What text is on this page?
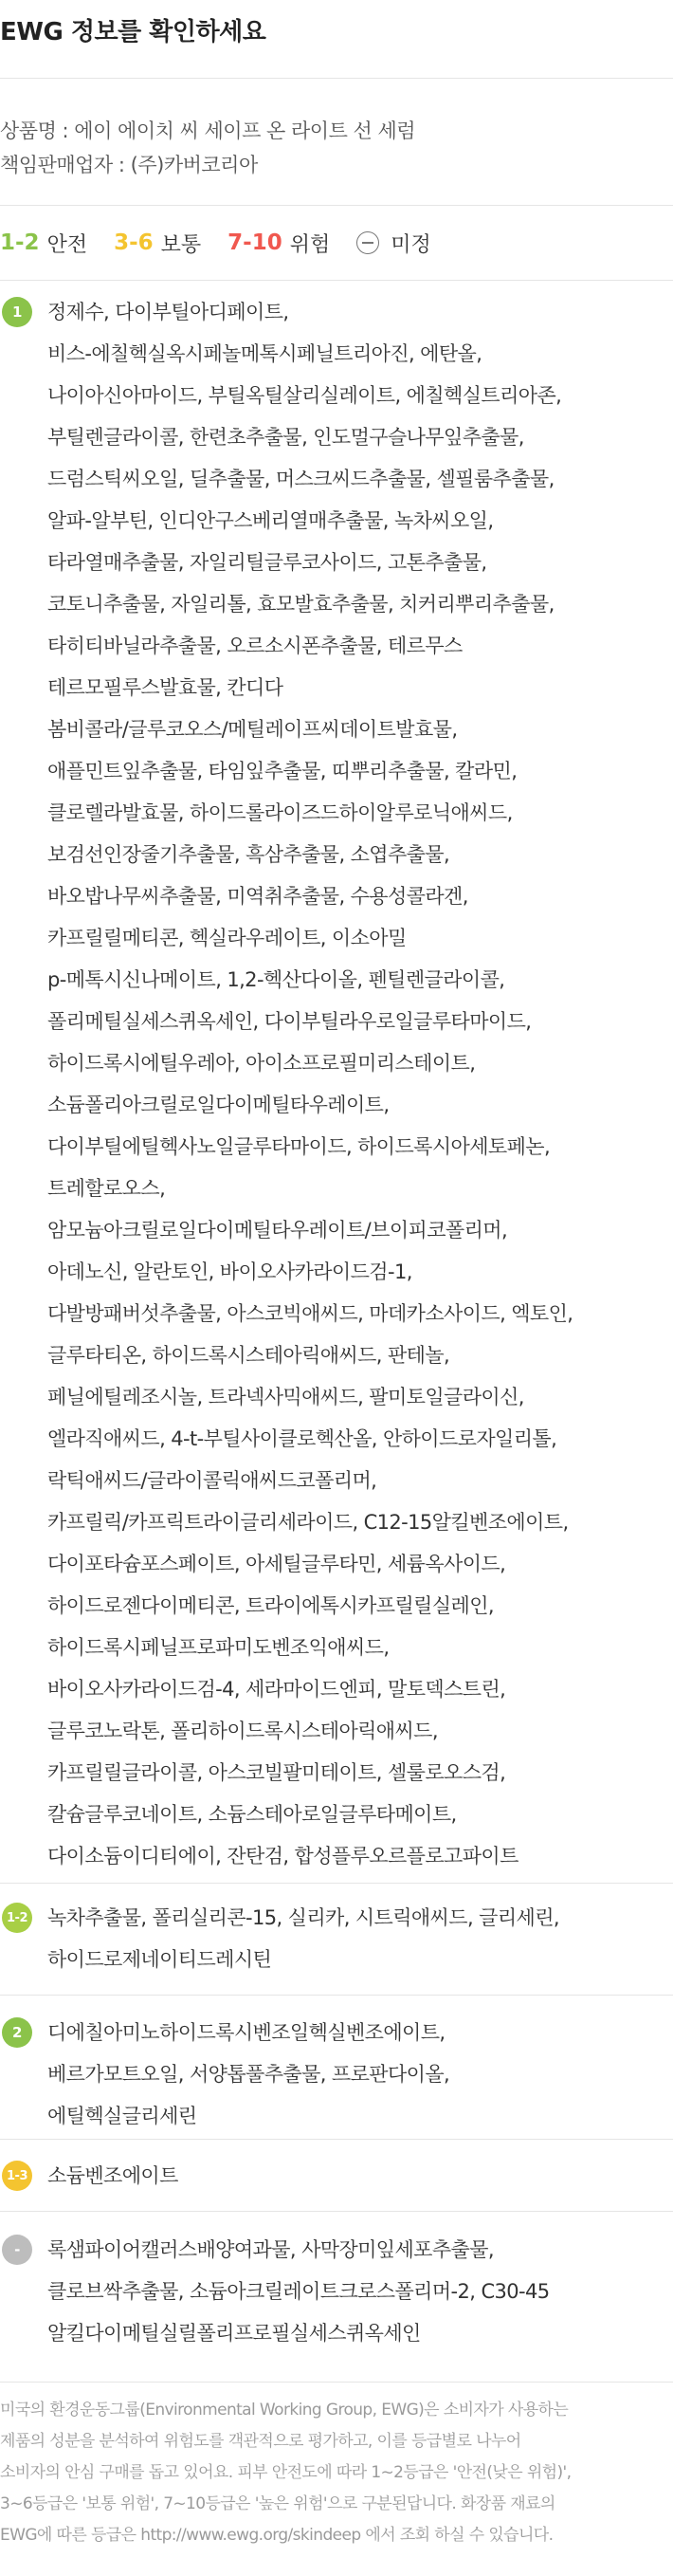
EWG 정보를 확인하세요
상품명 : 에이 에이치 씨 세이프 온 라이트 선 세럼
책임판매업자 : (주)카버코리아
1-2 안전 3-6 보통 7-10 위험	미정
1	정제수, 다이부틸아디페이트,
비스-에칠헥실옥시페놀메톡시페닐트리아진, 에탄올,
나이아신아마이드, 부틸옥틸살리실레이트, 에칠헥실트리아존,
부틸렌글라이콜, 한련초추출물, 인도멀구슬나무잎추출물,
드럼스틱씨오일, 딜추출물, 머스크씨드추출물, 셀필룸추출물,
알파-알부틴, 인디안구스베리열매추출물, 녹차씨오일,
타라열매추출물, 자일리틸글루코사이드, 고톤추출물,
코토니추출물, 자일리톨, 효모발효추출물, 치커리뿌리추출물,
타히티바닐라추출물, 오르소시폰추출물, 테르무스
테르모필루스발효물, 칸디다
봄비콜라/글루코오스/메틸레이프씨데이트발효물,
애플민트잎추출물, 타임잎추출물, 띠뿌리추출물, 칼라민,
클로렐라발효물, 하이드롤라이즈드하이알루로닉애씨드,
보검선인장줄기추출물, 흑삼추출물, 소엽추출물,
바오밥나무씨추출물, 미역취추출물, 수용성콜라겐,
카프릴릴메티콘, 헥실라우레이트, 이소아밀
p-메톡시신나메이트, 1,2-헥산다이올, 펜틸렌글라이콜,
폴리메틸실세스퀴옥세인, 다이부틸라우로일글루타마이드,
하이드록시에틸우레아, 아이소프로필미리스테이트,
소듐폴리아크릴로일다이메틸타우레이트,
다이부틸에틸헥사노일글루타마이드, 하이드록시아세토페논,
트레할로오스,
암모늄아크릴로일다이메틸타우레이트/브이피코폴리머,
아데노신, 알란토인, 바이오사카라이드검-1,
다발방패버섯추출물, 아스코빅애씨드, 마데카소사이드, 엑토인,
글루타티온, 하이드록시스테아릭애씨드, 판테놀,
페닐에틸레조시놀, 트라넥사믹애씨드, 팔미토일글라이신,
엘라직애씨드, 4-t-부틸사이클로헥산올, 안하이드로자일리톨,
락틱애씨드/글라이콜릭애씨드코폴리머,
카프릴릭/카프릭트라이글리세라이드, C12-15알킬벤조에이트,
다이포타슘포스페이트, 아세틸글루타민, 세륨옥사이드,
하이드로젠다이메티콘, 트라이에톡시카프릴릴실레인,
하이드록시페닐프로파미도벤조익애씨드,
바이오사카라이드검-4, 세라마이드엔피, 말토덱스트린,
글루코노락톤, 폴리하이드록시스테아릭애씨드,
카프릴릴글라이콜, 아스코빌팔미테이트, 셀룰로오스검,
칼슘글루코네이트, 소듐스테아로일글루타메이트,
다이소듐이디티에이, 잔탄검, 합성플루오르플로고파이트
1-2 녹차추출물, 폴리실리콘-15, 실리카, 시트릭애씨드, 글리세린,
하이드로제네이티드레시틴
2	디에칠아미노하이드록시벤조일헥실벤조에이트,
베르가모트오일, 서양톱풀추출물, 프로판다이올,
에틸헥실글리세린
1-3 소듐벤조에이트
-	록샘파이어캘러스배양여과물, 사막장미잎세포추출물,
클로브싹추출물, 소듐아크릴레이트크로스폴리머-2, C30-45
알킬다이메틸실릴폴리프로필실세스퀴옥세인
미국의 환경운동그룹(Environmental Working Group, EWG)은 소비자가 사용하는
제품의 성분을 분석하여 위험도를 객관적으로 평가하고, 이를 등급별로 나누어
소비자의 안심 구매를 돕고 있어요. 피부 안전도에 따라 1~2등급은 '안전(낮은 위험)',
3~6등급은 '보통 위험', 7~10등급은 '높은 위험'으로 구분된답니다. 화장품 재료의
EWG에 따른 등급은 http://www.ewg.org/skindeep 에서 조회 하실 수 있습니다.
